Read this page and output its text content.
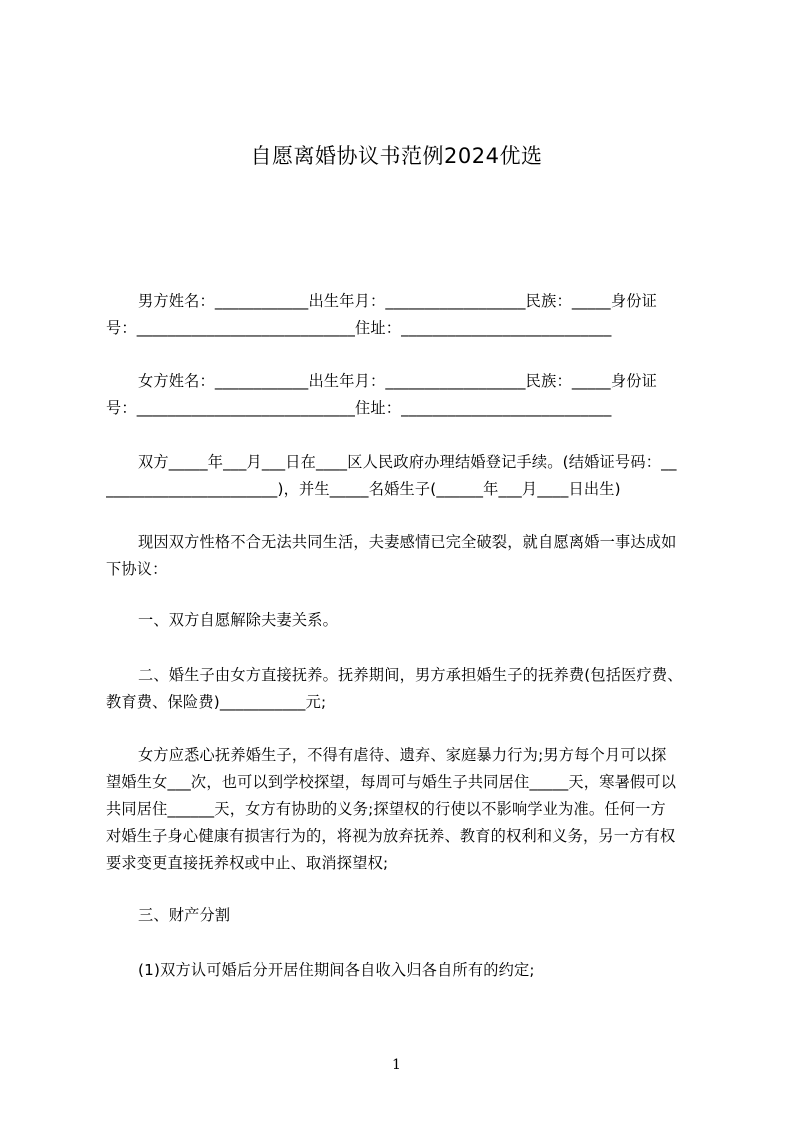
自愿离婚协议书范例2024优选
男方姓名：____________出生年月：__________________民族：_____身份证
号：____________________________住址：___________________________
女方姓名：____________出生年月：__________________民族：_____身份证
号：____________________________住址：___________________________
双方_____年___月___日在____区人民政府办理结婚登记手续。(结婚证号码：__
______________________)，并生_____名婚生子(______年___月____日出生)
现因双方性格不合无法共同生活，夫妻感情已完全破裂，就自愿离婚一事达成如
下协议：
一、双方自愿解除夫妻关系。
二、婚生子由女方直接抚养。抚养期间，男方承担婚生子的抚养费(包括医疗费、
教育费、保险费)___________元;
女方应悉心抚养婚生子，不得有虐待、遗弃、家庭暴力行为;男方每个月可以探
望婚生女___次，也可以到学校探望，每周可与婚生子共同居住_____天，寒暑假可以
共同居住______天，女方有协助的义务;探望权的行使以不影响学业为准。任何一方
对婚生子身心健康有损害行为的，将视为放弃抚养、教育的权利和义务，另一方有权
要求变更直接抚养权或中止、取消探望权;
三、财产分割
(1)双方认可婚后分开居住期间各自收入归各自所有的约定;
1
